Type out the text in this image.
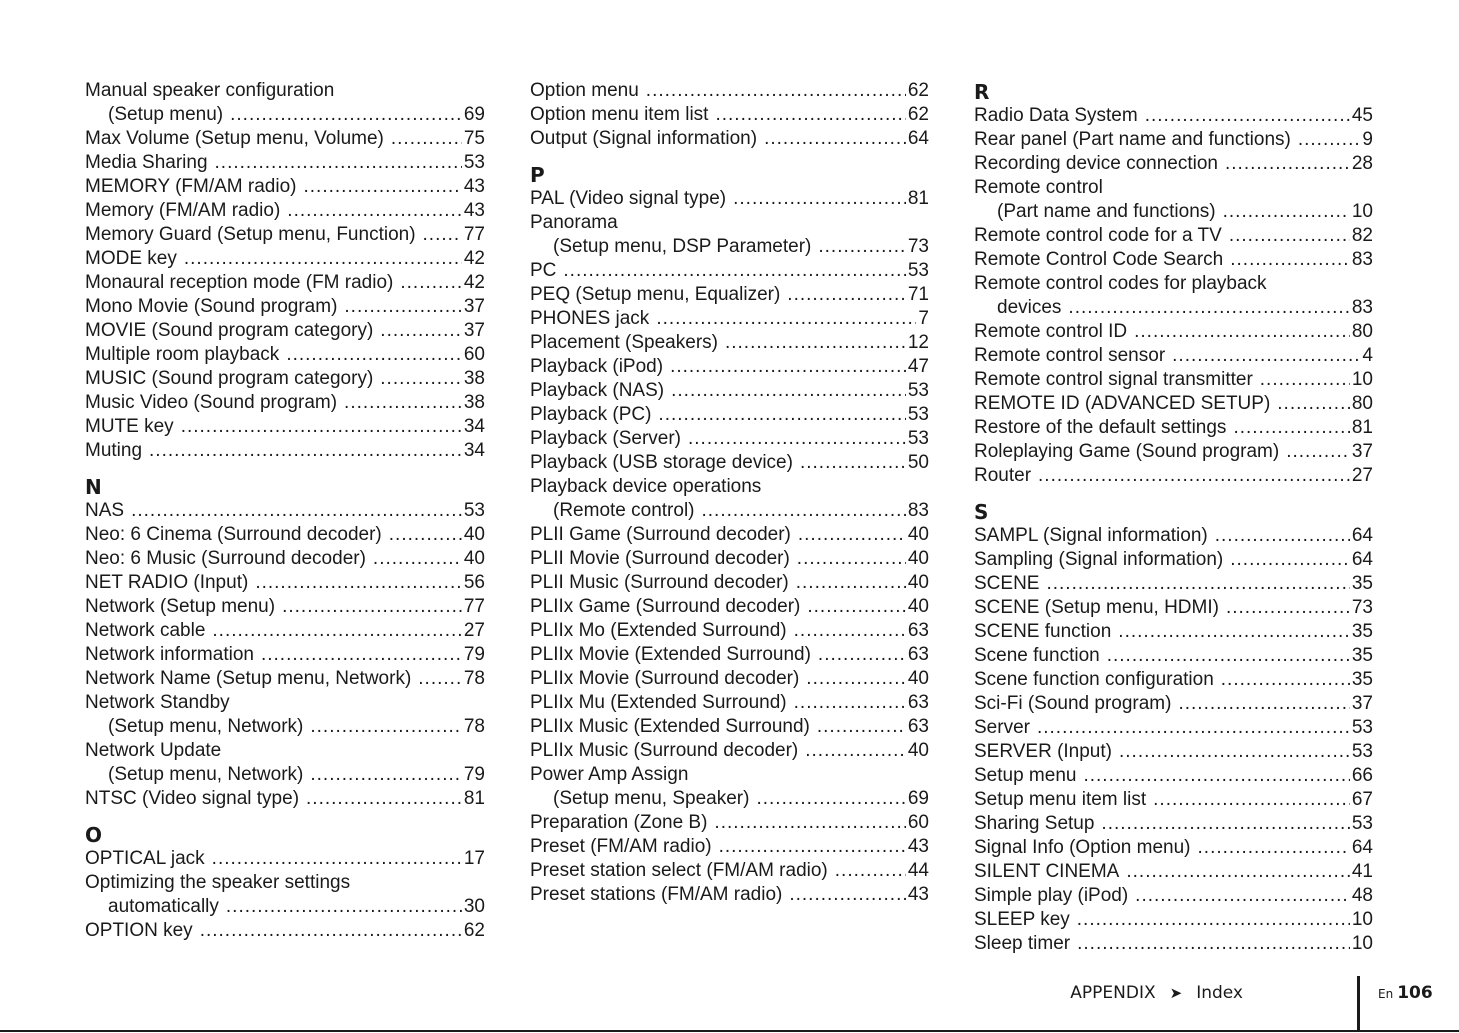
Manual speaker configuration
(Setup menu) .....	69
Max Volume (Setup menu, Volume) .....	75
Media Sharing .....	53
MEMORY (FM/AM radio) .....	43
Memory (FM/AM radio) .....	43
Memory Guard (Setup menu, Function) .....	77
MODE key .....	42
Monaural reception mode (FM radio) .....	42
Mono Movie (Sound program) .....	37
MOVIE (Sound program category) .....	37
Multiple room playback .....	60
MUSIC (Sound program category) .....	38
Music Video (Sound program) .....	38
MUTE key .....	34
Muting .....	34
N
NAS .....	53
Neo: 6 Cinema (Surround decoder) .....	40
Neo: 6 Music (Surround decoder) .....	40
NET RADIO (Input) .....	56
Network (Setup menu) .....	77
Network cable .....	27
Network information .....	79
Network Name (Setup menu, Network) .....	78
Network Standby
(Setup menu, Network) .....	78
Network Update
(Setup menu, Network) .....	79
NTSC (Video signal type) .....	81
O
OPTICAL jack .....	17
Optimizing the speaker settings
automatically .....	30
OPTION key .....	62
Option menu .....	62
Option menu item list .....	62
Output (Signal information) .....	64
P
PAL (Video signal type) .....	81
Panorama
(Setup menu, DSP Parameter) .....	73
PC .....	53
PEQ (Setup menu, Equalizer) .....	71
PHONES jack .....	7
Placement (Speakers) .....	12
Playback (iPod) .....	47
Playback (NAS) .....	53
Playback (PC) .....	53
Playback (Server) .....	53
Playback (USB storage device) .....	50
Playback device operations
(Remote control) .....	83
PLII Game (Surround decoder) .....	40
PLII Movie (Surround decoder) .....	40
PLII Music (Surround decoder) .....	40
PLIIx Game (Surround decoder) .....	40
PLIIx Mo (Extended Surround) .....	63
PLIIx Movie (Extended Surround) .....	63
PLIIx Movie (Surround decoder) .....	40
PLIIx Mu (Extended Surround) .....	63
PLIIx Music (Extended Surround) .....	63
PLIIx Music (Surround decoder) .....	40
Power Amp Assign
(Setup menu, Speaker) .....	69
Preparation (Zone B) .....	60
Preset (FM/AM radio) .....	43
Preset station select (FM/AM radio) .....	44
Preset stations (FM/AM radio) .....	43
R
Radio Data System .....	45
Rear panel (Part name and functions) .....	9
Recording device connection .....	28
Remote control
(Part name and functions) .....	10
Remote control code for a TV .....	82
Remote Control Code Search .....	83
Remote control codes for playback
devices .....	83
Remote control ID .....	80
Remote control sensor .....	4
Remote control signal transmitter .....	10
REMOTE ID (ADVANCED SETUP) .....	80
Restore of the default settings .....	81
Roleplaying Game (Sound program) .....	37
Router .....	27
S
SAMPL (Signal information) .....	64
Sampling (Signal information) .....	64
SCENE .....	35
SCENE (Setup menu, HDMI) .....	73
SCENE function .....	35
Scene function .....	35
Scene function configuration .....	35
Sci-Fi (Sound program) .....	37
Server .....	53
SERVER (Input) .....	53
Setup menu .....	66
Setup menu item list .....	67
Sharing Setup .....	53
Signal Info (Option menu) .....	64
SILENT CINEMA .....	41
Simple play (iPod) .....	48
SLEEP key .....	10
Sleep timer .....	10
APPENDIX ➤ Index	En 106
